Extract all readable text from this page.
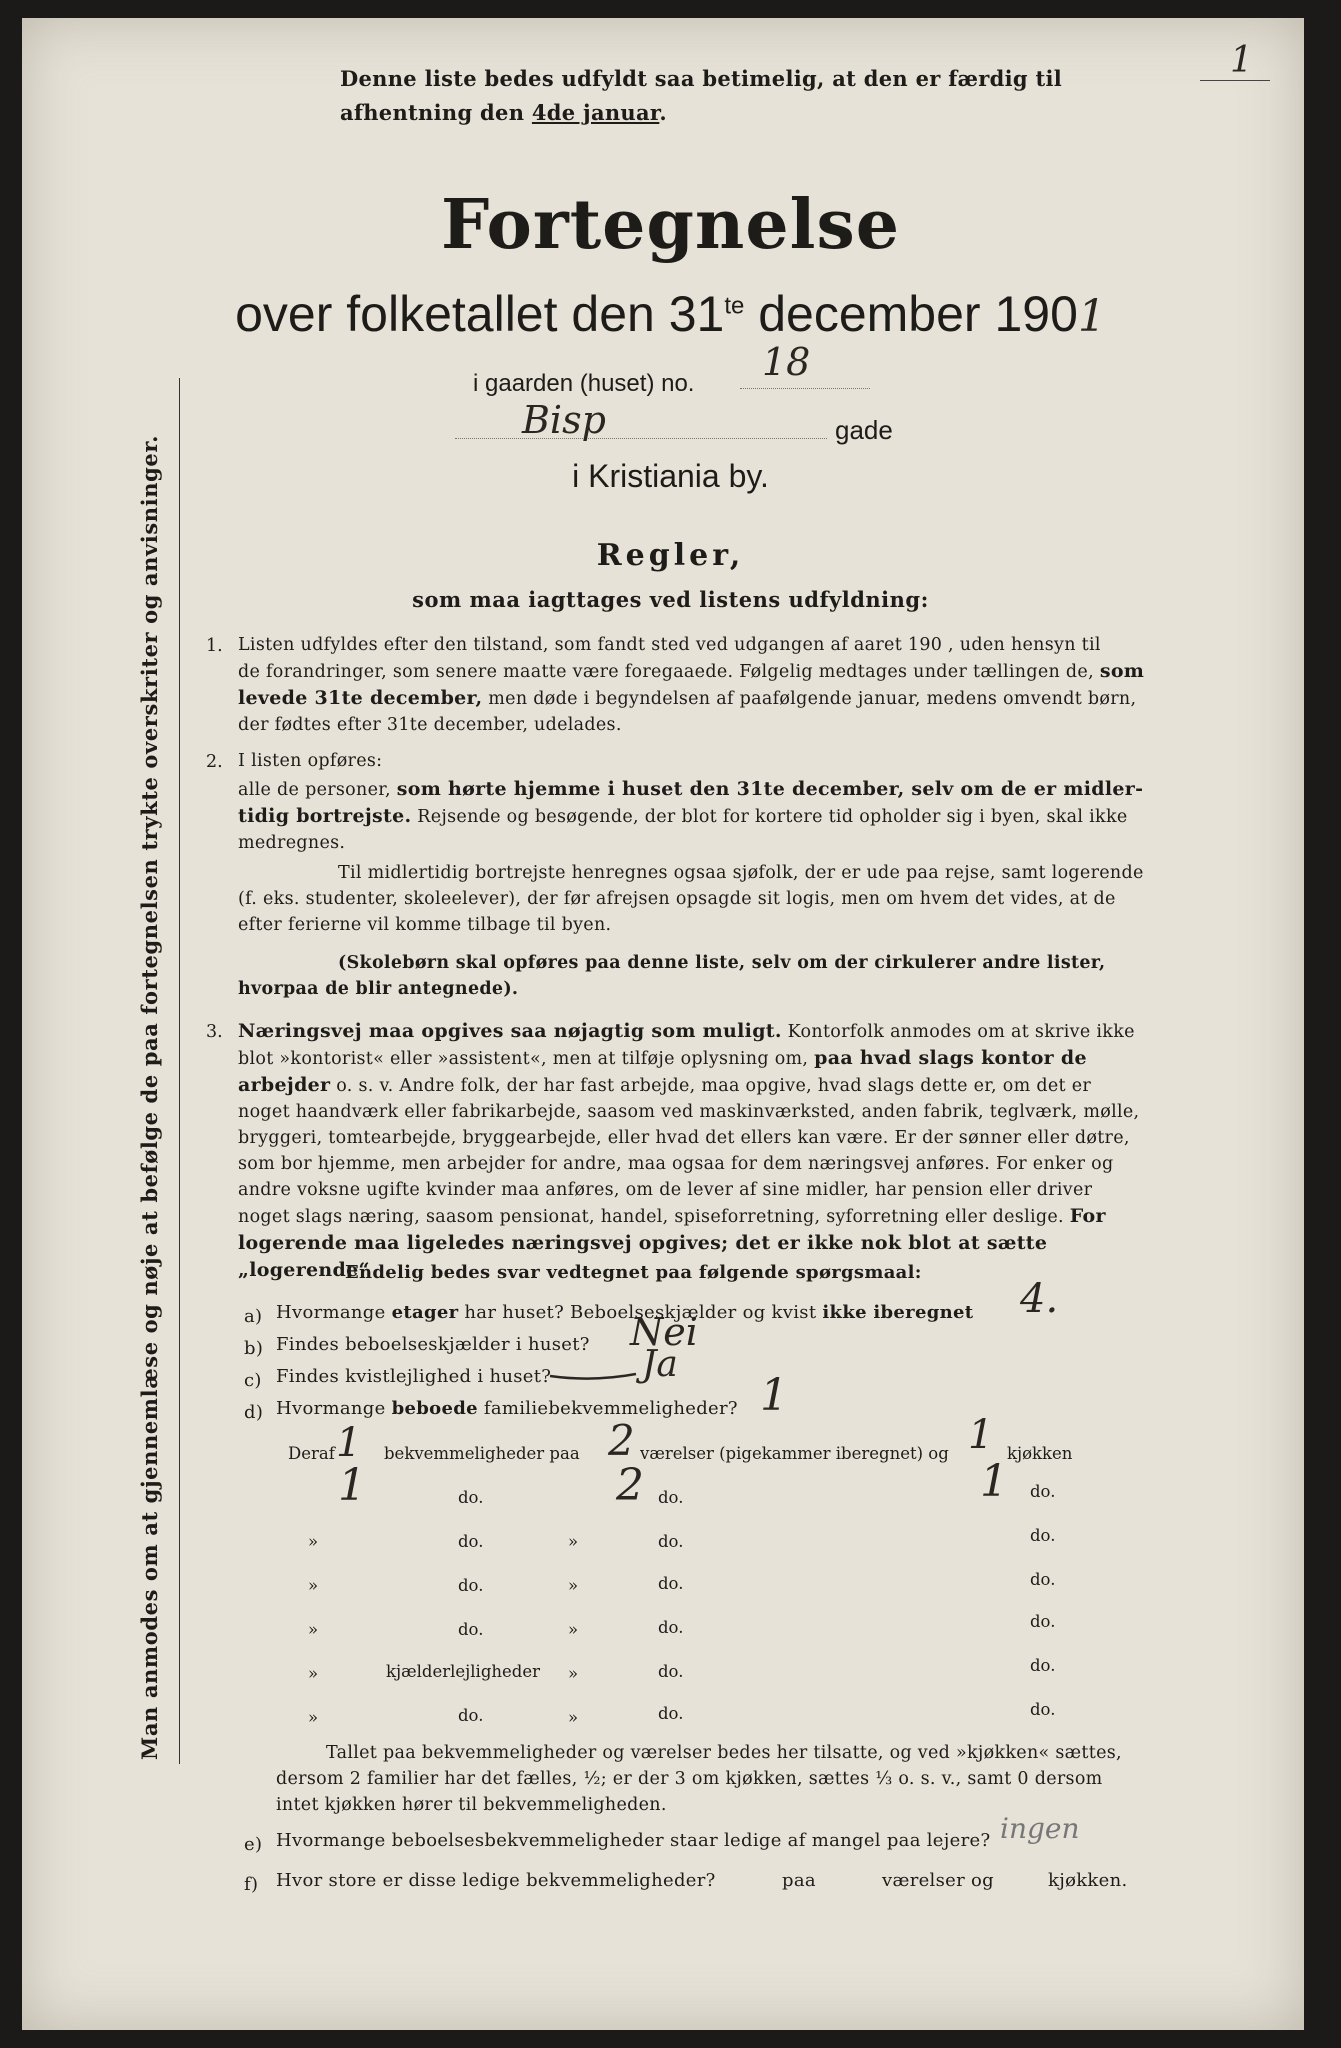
1
Denne liste bedes udfyldt saa betimelig, at den er færdig til
afhentning den 4de januar.
Fortegnelse
over folketallet den $31^{te}$ december 1901
i gaarden (huset) no. 18
Bisp	gade
i Kristiania by.
Regler,
som maa iagttages ved listens udfyldning:
1. Listen udfyldes efter den tilstand, som fandt sted ved udgangen af aaret 190 , uden hensyn til
de forandringer, som senere maatte være foregaaede. Følgelig medtages under tællingen de, som
levede 31te december, men døde i begyndelsen af paafølgende januar, medens omvendt børn,
der fødtes efter 31te december, udelades.
2. I listen opføres:
alle de personer, som hørte hjemme i huset den 31te december, selv om de er midler-
tidig bortrejste. Rejsende og besøgende, der blot for kortere tid opholder sig i byen, skal ikke
medregnes.
Til midlertidig bortrejste henregnes ogsaa sjøfolk, der er ude paa rejse, samt logerende
(f. eks. studenter, skoleelever), der før afrejsen opsagde sit logis, men om hvem det vides, at de
efter ferierne vil komme tilbage til byen.
(Skolebørn skal opføres paa denne liste, selv om der cirkulerer andre lister,
hvorpaa de blir antegnede).
3. Næringsvej maa opgives saa nøjagtig som muligt. Kontorfolk anmodes om at skrive ikke
blot »kontorist« eller »assistent«, men at tilføje oplysning om, paa hvad slags kontor de
arbejder o. s. v. Andre folk, der har fast arbejde, maa opgive, hvad slags dette er, om det er
noget haandværk eller fabrikarbejde, saasom ved maskinværksted, anden fabrik, teglværk, mølle,
bryggeri, tomtearbejde, bryggearbejde, eller hvad det ellers kan være. Er der sønner eller døtre,
som bor hjemme, men arbejder for andre, maa ogsaa for dem næringsvej anføres. For enker og
andre voksne ugifte kvinder maa anføres, om de lever af sine midler, har pension eller driver
noget slags næring, saasom pensionat, handel, spiseforretning, syforretning eller deslige. For
logerende maa ligeledes næringsvej opgives; det er ikke nok blot at sætte „logerende“
Endelig bedes svar vedtegnet paa følgende spørgsmaal:
a) Hvormange etager har huset? Beboelseskjælder og kvist ikke iberegnet 4.
b) Findes beboelseskjælder i huset? Nei
c) Findes kvistlejlighed i huset?	Ja
d) Hvormange beboede familiebekvemmeligheder? 1
Deraf 1 bekvemmeligheder paa 2 værelser (pigekammer iberegnet) og 1 kjøkken
1	do.	2 do.	1 do.
»	do.	»	do.	do.
»	do.	»	do.	do.
»	do.	»	do.	do.
»	kjælderlejligheder »	do.	do.
»	do.	»	do.	do.
Tallet paa bekvemmeligheder og værelser bedes her tilsatte, og ved »kjøkken« sættes,
dersom 2 familier har det fælles, ½; er der 3 om kjøkken, sættes ⅓ o. s. v., samt 0 dersom
intet kjøkken hører til bekvemmeligheden.
e) Hvormange beboelsesbekvemmeligheder staar ledige af mangel paa lejere? ingen
f) Hvor store er disse ledige bekvemmeligheder?	paa	værelser og	kjøkken.
Man anmodes om at gjennemlæse og nøje at befølge de paa fortegnelsen trykte overskriter og anvisninger.
